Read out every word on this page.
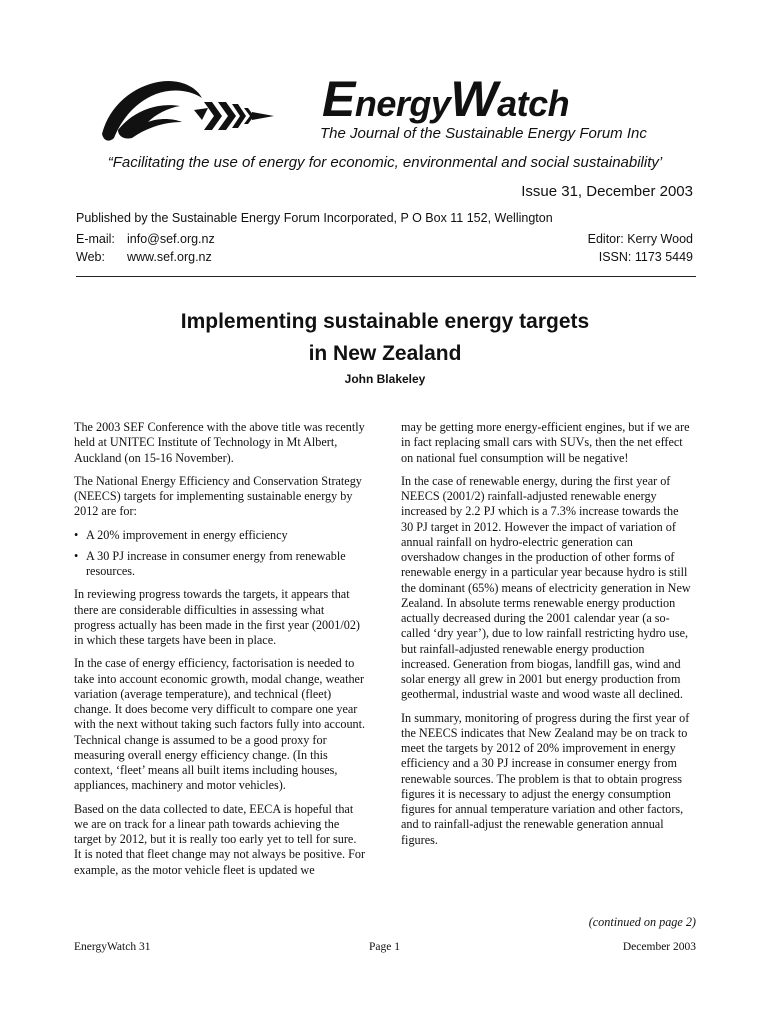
EnergyWatch
The Journal of the Sustainable Energy Forum Inc
“Facilitating the use of energy for economic, environmental and social sustainability’
Issue 31, December 2003
Published by the Sustainable Energy Forum Incorporated, P O Box 11 152, Wellington
E-mail: info@sef.org.nz
Web: www.sef.org.nz
Editor: Kerry Wood
ISSN: 1173 5449
Implementing sustainable energy targets
in New Zealand
John Blakeley

The 2003 SEF Conference with the above title was recently held at UNITEC Institute of Technology in Mt Albert, Auckland (on 15-16 November).

The National Energy Efficiency and Conservation Strategy (NEECS) targets for implementing sustainable energy by 2012 are for:

• A 20% improvement in energy efficiency
• A 30 PJ increase in consumer energy from renewable resources.

In reviewing progress towards the targets, it appears that there are considerable difficulties in assessing what progress actually has been made in the first year (2001/02) in which these targets have been in place.

In the case of energy efficiency, factorisation is needed to take into account economic growth, modal change, weather variation (average temperature), and technical (fleet) change. It does become very difficult to compare one year with the next without taking such factors fully into account. Technical change is assumed to be a good proxy for measuring overall energy efficiency change. (In this context, ‘fleet’ means all built items including houses, appliances, machinery and motor vehicles).

Based on the data collected to date, EECA is hopeful that we are on track for a linear path towards achieving the target by 2012, but it is really too early yet to tell for sure. It is noted that fleet change may not always be positive. For example, as the motor vehicle fleet is updated we

may be getting more energy-efficient engines, but if we are in fact replacing small cars with SUVs, then the net effect on national fuel consumption will be negative!

In the case of renewable energy, during the first year of NEECS (2001/2) rainfall-adjusted renewable energy increased by 2.2 PJ which is a 7.3% increase towards the 30 PJ target in 2012. However the impact of variation of annual rainfall on hydro-electric generation can overshadow changes in the production of other forms of renewable energy in a particular year because hydro is still the dominant (65%) means of electricity generation in New Zealand. In absolute terms renewable energy production actually decreased during the 2001 calendar year (a so-called ‘dry year’), due to low rainfall restricting hydro use, but rainfall-adjusted renewable energy production increased. Generation from biogas, landfill gas, wind and solar energy all grew in 2001 but energy production from geothermal, industrial waste and wood waste all declined.

In summary, monitoring of progress during the first year of the NEECS indicates that New Zealand may be on track to meet the targets by 2012 of 20% improvement in energy efficiency and a 30 PJ increase in consumer energy from renewable sources. The problem is that to obtain progress figures it is necessary to adjust the energy consumption figures for annual temperature variation and other factors, and to rainfall-adjust the renewable generation annual figures.

(continued on page 2)
EnergyWatch 31	Page 1	December 2003
